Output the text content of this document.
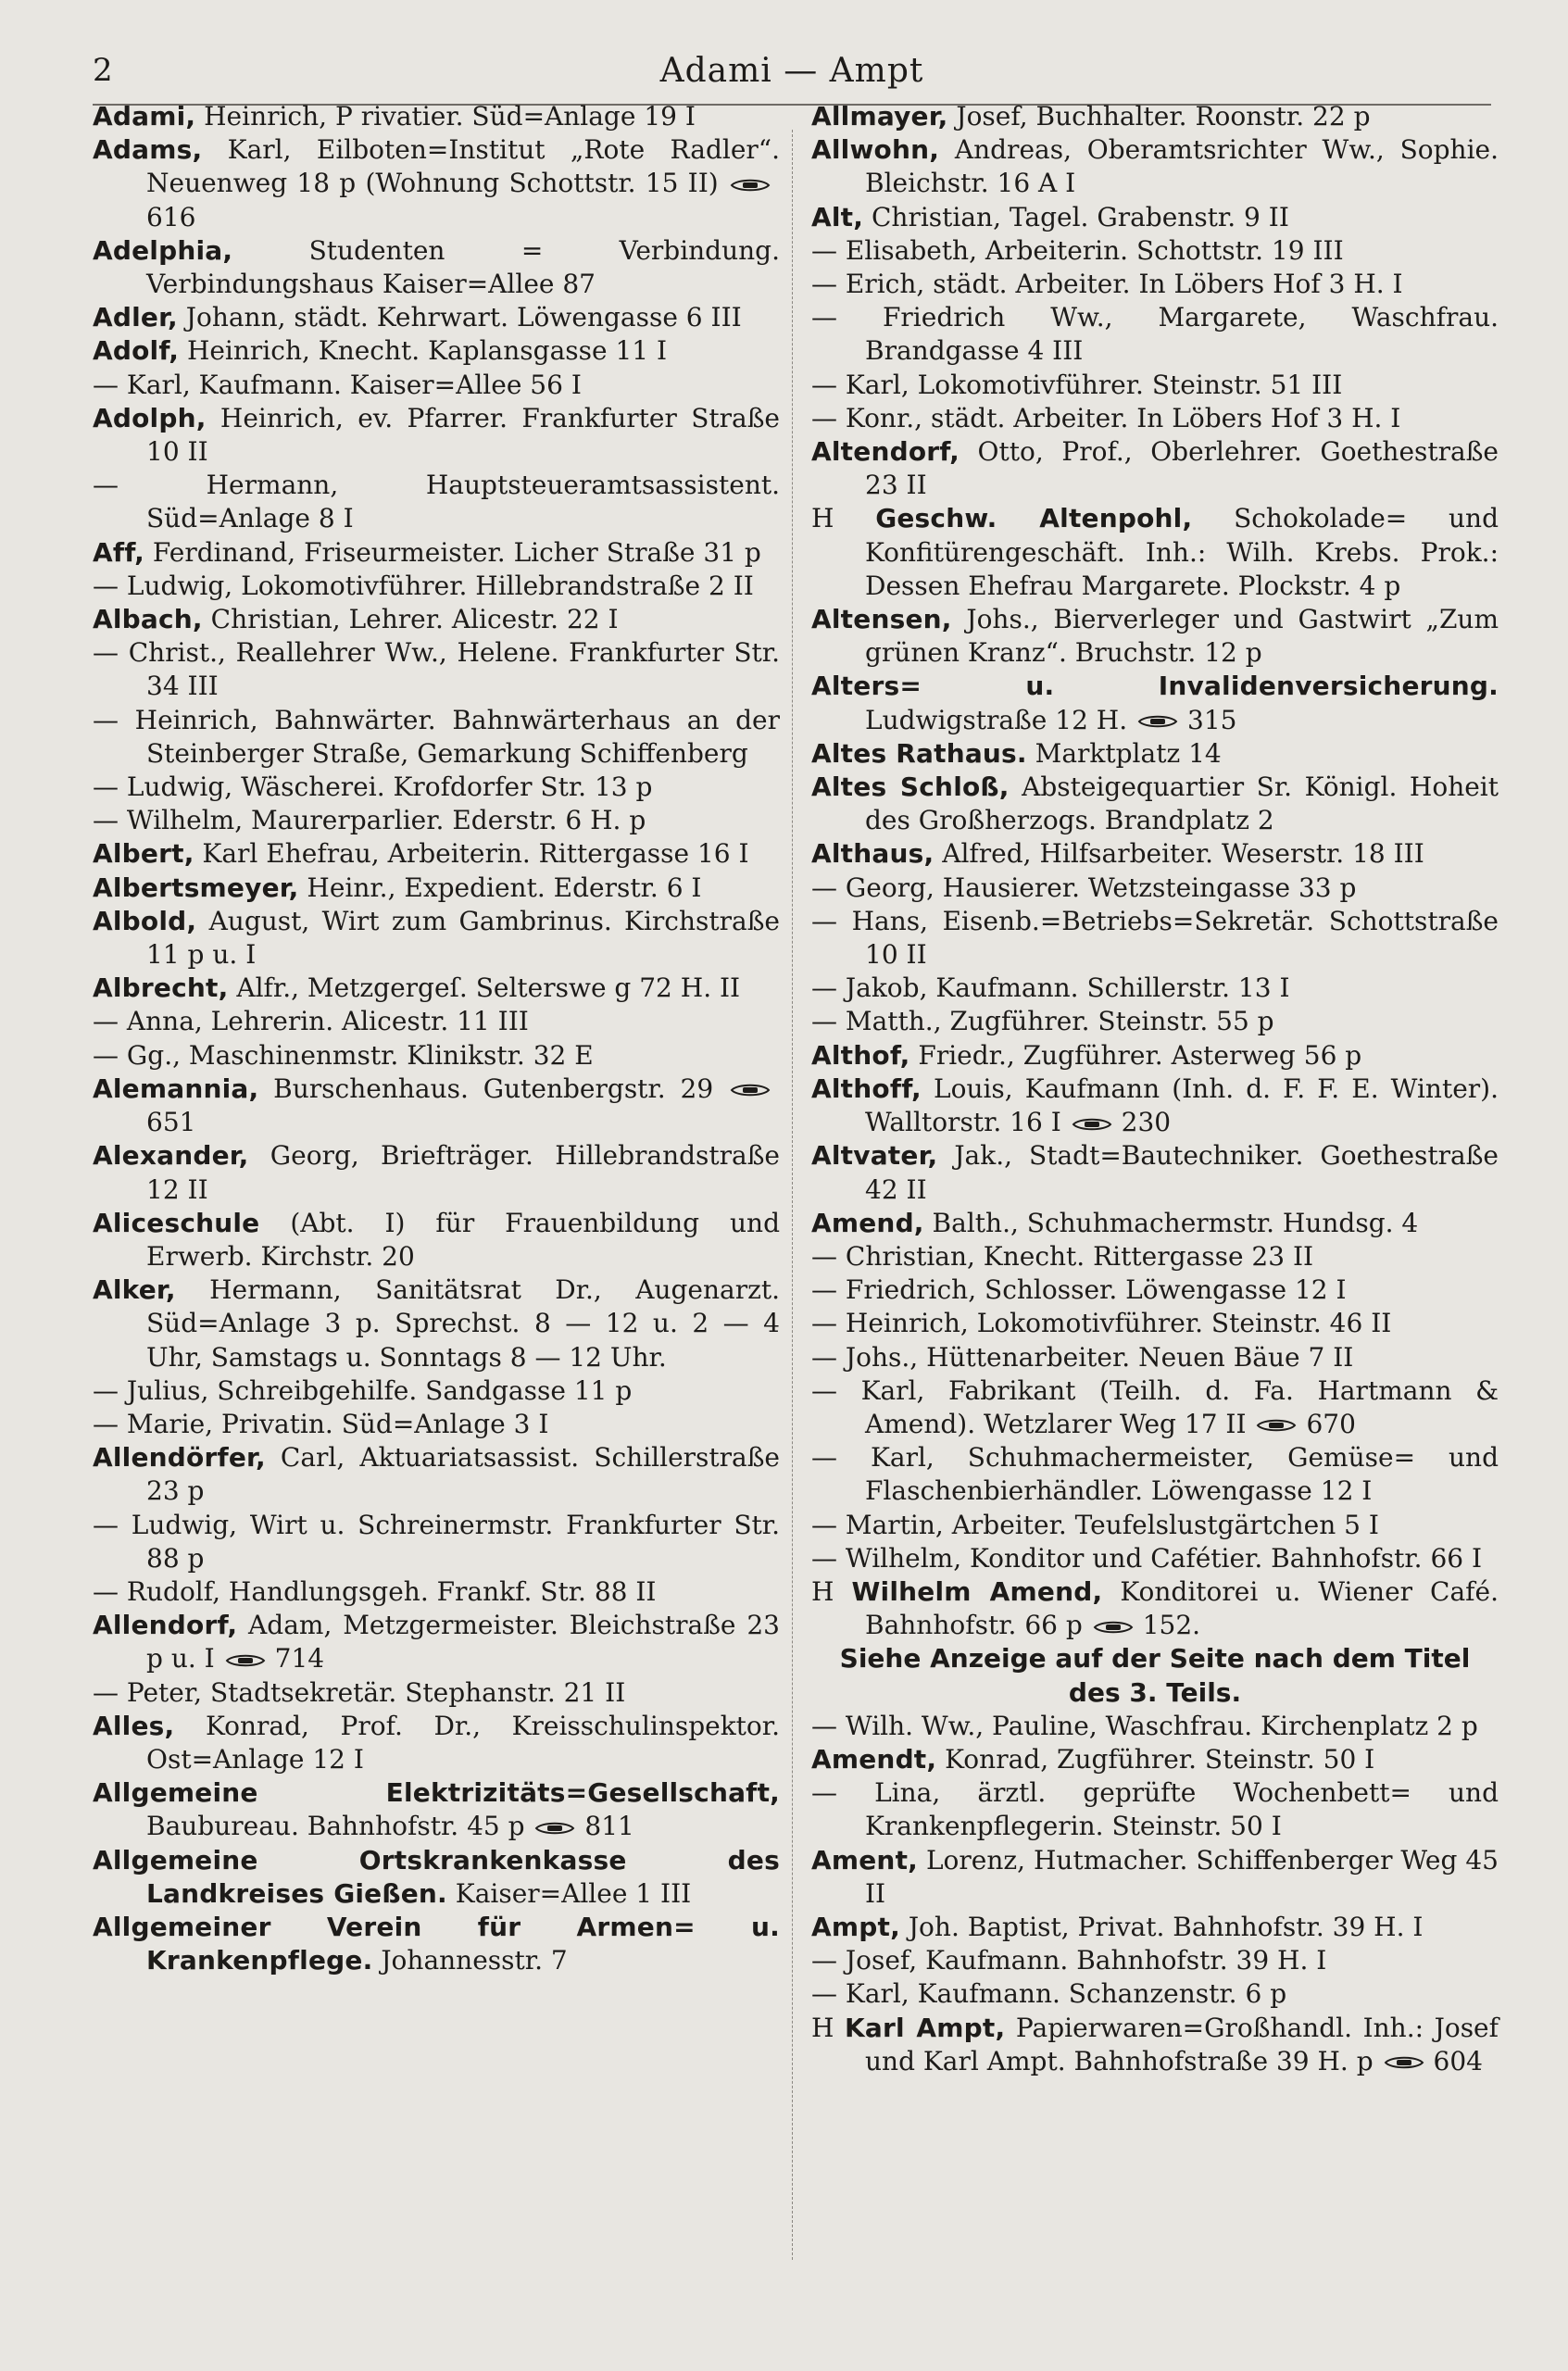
2	Adami — Ampt

Adami, Heinrich, P rivatier. Süd=Anlage 19 I

Adams, Karl, Eilboten=Institut „Rote Radler“. Neuenweg 18 p (Wohnung Schottstr. 15 II)
616

Adelphia, Studenten = Verbindung. Verbindungshaus Kaiser=Allee 87

Adler, Johann, städt. Kehrwart. Löwengasse 6 III

Adolf, Heinrich, Knecht. Kaplansgasse 11 I

— Karl, Kaufmann. Kaiser=Allee 56 I

Adolph, Heinrich, ev. Pfarrer. Frankfurter Straße 10 II

— Hermann, Hauptsteueramtsassistent. Süd=Anlage 8 I

Aff, Ferdinand, Friseurmeister. Licher Straße 31 p

— Ludwig, Lokomotivführer. Hillebrandstraße 2 II

Albach, Christian, Lehrer. Alicestr. 22 I

— Christ., Reallehrer Ww., Helene. Frankfurter Str. 34 III

— Heinrich, Bahnwärter. Bahnwärterhaus an der Steinberger Straße, Gemarkung Schiffenberg

— Ludwig, Wäscherei. Krofdorfer Str. 13 p

— Wilhelm, Maurerparlier. Ederstr. 6 H. p

Albert, Karl Ehefrau, Arbeiterin. Rittergasse 16 I

Albertsmeyer, Heinr., Expedient. Ederstr. 6 I

Albold, August, Wirt zum Gambrinus. Kirchstraße 11 p u. I

Albrecht, Alfr., Metzgergeſ. Selterswe g 72 H. II

— Anna, Lehrerin. Alicestr. 11 III

— Gg., Maschinenmstr. Klinikstr. 32 E

Alemannia, Burschenhaus. Gutenbergstr. 29
651

Alexander, Georg, Briefträger. Hillebrandstraße 12 II

Aliceschule (Abt. I) für Frauenbildung und Erwerb. Kirchstr. 20

Alker, Hermann, Sanitätsrat Dr., Augenarzt. Süd=Anlage 3 p. Sprechst. 8 — 12 u. 2 — 4 Uhr, Samstags u. Sonntags 8 — 12 Uhr.

— Julius, Schreibgehilfe. Sandgasse 11 p

— Marie, Privatin. Süd=Anlage 3 I

Allendörfer, Carl, Aktuariatsassist. Schillerstraße 23 p

— Ludwig, Wirt u. Schreinermstr. Frankfurter Str. 88 p

— Rudolf, Handlungsgeh. Frankf. Str. 88 II

Allendorf, Adam, Metzgermeister. Bleichstraße 23 p u. I 714

— Peter, Stadtsekretär. Stephanstr. 21 II

Alles, Konrad, Prof. Dr., Kreisschulinspektor. Ost=Anlage 12 I

Allgemeine Elektrizitäts=Gesellschaft, Baubureau. Bahnhofstr. 45 p 811

Allgemeine Ortskrankenkasse des Landkreises Gießen. Kaiser=Allee 1 III

Allgemeiner Verein für Armen= u. Krankenpflege. Johannesstr. 7

Allmayer, Josef, Buchhalter. Roonstr. 22 p

Allwohn, Andreas, Oberamtsrichter Ww., Sophie. Bleichstr. 16 A I

Alt, Christian, Tagel. Grabenstr. 9 II

— Elisabeth, Arbeiterin. Schottstr. 19 III

— Erich, städt. Arbeiter. In Löbers Hof 3 H. I

— Friedrich Ww., Margarete, Waschfrau. Brandgasse 4 III

— Karl, Lokomotivführer. Steinstr. 51 III

— Konr., städt. Arbeiter. In Löbers Hof 3 H. I

Altendorf, Otto, Prof., Oberlehrer. Goethestraße 23 II

H Geschw. Altenpohl, Schokolade= und Konfitürengeschäft. Inh.: Wilh. Krebs. Prok.: Dessen Ehefrau Margarete. Plockstr. 4 p

Altensen, Johs., Bierverleger und Gastwirt „Zum grünen Kranz“. Bruchstr. 12 p

Alters= u. Invalidenversicherung. Ludwigstraße 12 H. 315

Altes Rathaus. Marktplatz 14

Altes Schloß, Absteigequartier Sr. Königl. Hoheit des Großherzogs. Brandplatz 2

Althaus, Alfred, Hilfsarbeiter. Weserstr. 18 III

— Georg, Hausierer. Wetzsteingasse 33 p

— Hans, Eisenb.=Betriebs=Sekretär. Schottstraße 10 II

— Jakob, Kaufmann. Schillerstr. 13 I

— Matth., Zugführer. Steinstr. 55 p

Althof, Friedr., Zugführer. Asterweg 56 p

Althoff, Louis, Kaufmann (Inh. d. F. F. E. Winter). Walltorstr. 16 I 230

Altvater, Jak., Stadt=Bautechniker. Goethestraße 42 II

Amend, Balth., Schuhmachermstr. Hundsg. 4

— Christian, Knecht. Rittergasse 23 II

— Friedrich, Schlosser. Löwengasse 12 I

— Heinrich, Lokomotivführer. Steinstr. 46 II

— Johs., Hüttenarbeiter. Neuen Bäue 7 II

— Karl, Fabrikant (Teilh. d. Fa. Hartmann & Amend). Wetzlarer Weg 17 II 670

— Karl, Schuhmachermeister, Gemüse= und Flaschenbierhändler. Löwengasse 12 I

— Martin, Arbeiter. Teufelslustgärtchen 5 I

— Wilhelm, Konditor und Cafétier. Bahnhofstr. 66 I

H Wilhelm Amend, Konditorei u. Wiener Café. Bahnhofstr. 66 p 152.

Siehe Anzeige auf der Seite nach dem Titel des 3. Teils.

— Wilh. Ww., Pauline, Waschfrau. Kirchenplatz 2 p

Amendt, Konrad, Zugführer. Steinstr. 50 I

— Lina, ärztl. geprüfte Wochenbett= und Krankenpflegerin. Steinstr. 50 I

Ament, Lorenz, Hutmacher. Schiffenberger Weg 45 II

Ampt, Joh. Baptist, Privat. Bahnhofstr. 39 H. I

— Josef, Kaufmann. Bahnhofstr. 39 H. I

— Karl, Kaufmann. Schanzenstr. 6 p

H Karl Ampt, Papierwaren=Großhandl. Inh.: Josef und Karl Ampt. Bahnhofstraße 39 H. p 604
